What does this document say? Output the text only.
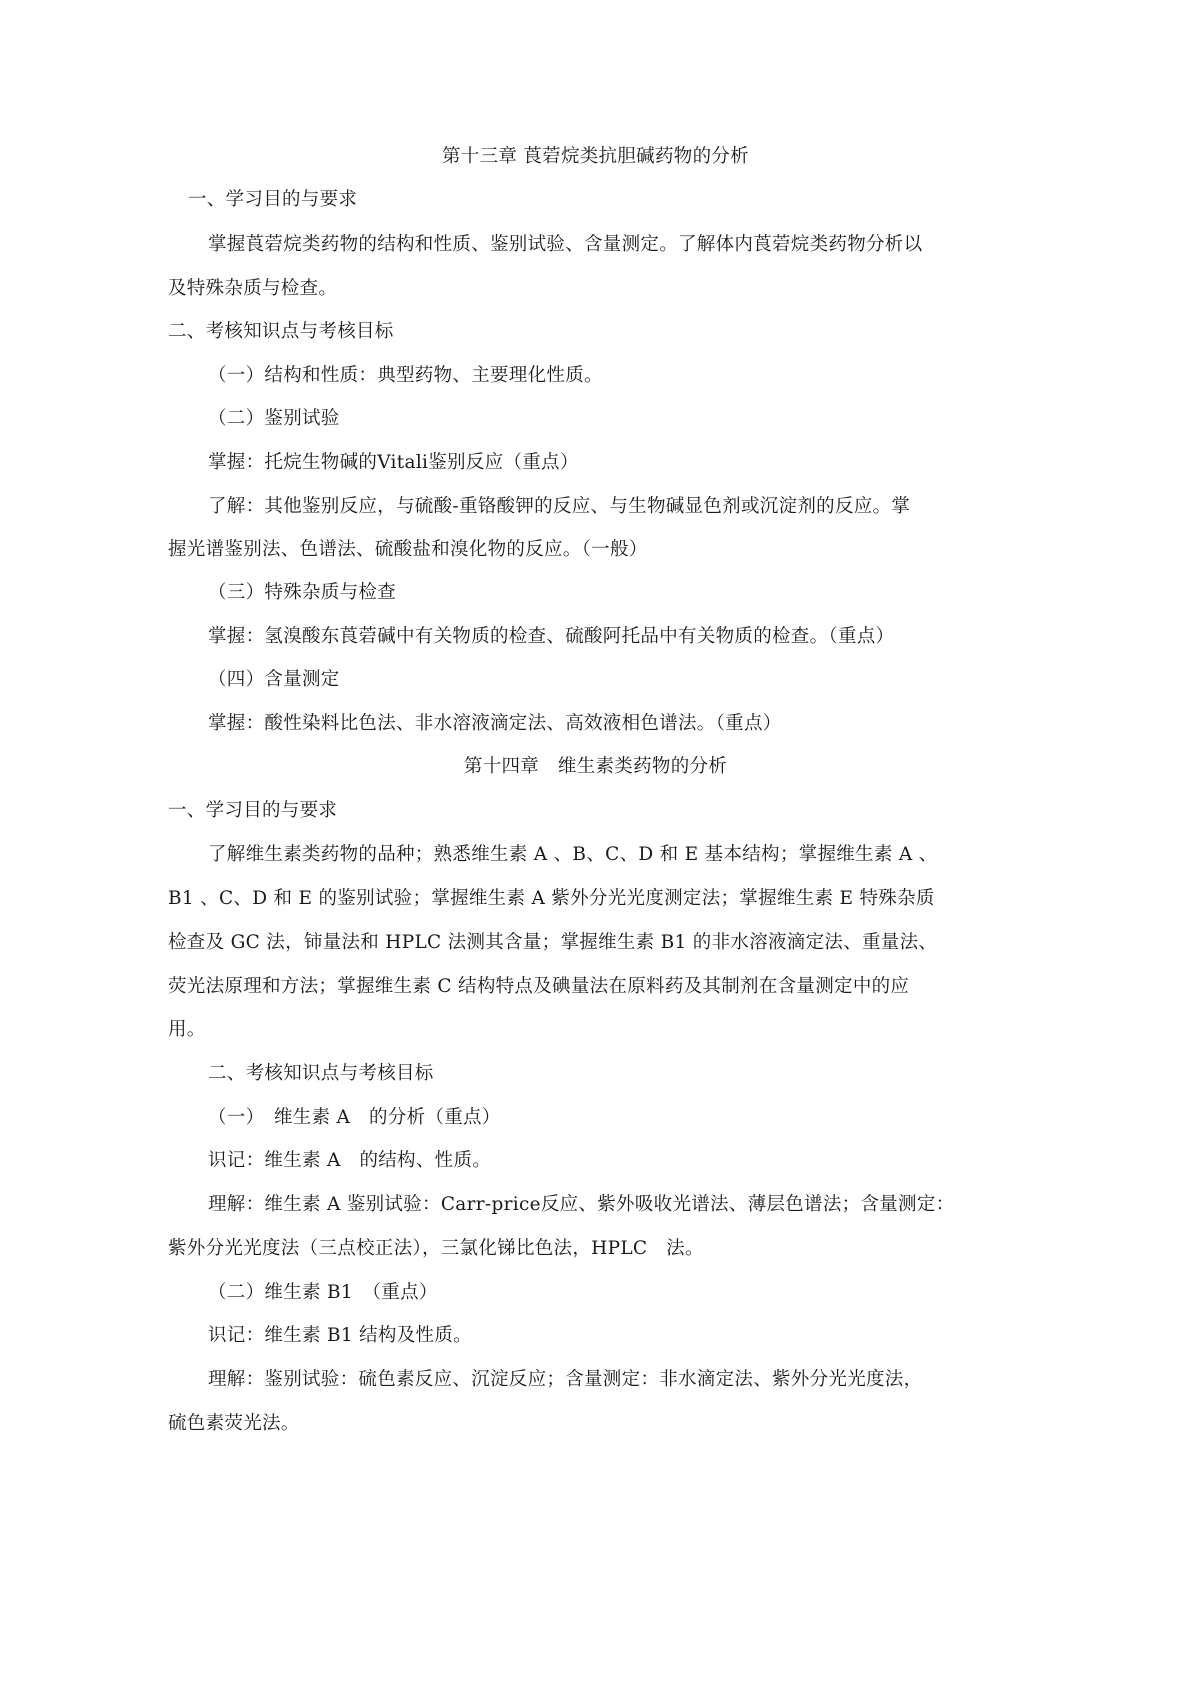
第十三章 莨菪烷类抗胆碱药物的分析
一、学习目的与要求
掌握莨菪烷类药物的结构和性质、鉴别试验、含量测定。了解体内莨菪烷类药物分析以
及特殊杂质与检查。
二、考核知识点与考核目标
（一）结构和性质：典型药物、主要理化性质。
（二）鉴别试验
掌握：托烷生物碱的Vitali鉴别反应（重点）
了解：其他鉴别反应，与硫酸-重铬酸钾的反应、与生物碱显色剂或沉淀剂的反应。掌
握光谱鉴别法、色谱法、硫酸盐和溴化物的反应。（一般）
（三）特殊杂质与检查
掌握：氢溴酸东莨菪碱中有关物质的检查、硫酸阿托品中有关物质的检查。（重点）
（四）含量测定
掌握：酸性染料比色法、非水溶液滴定法、高效液相色谱法。（重点）
第十四章　维生素类药物的分析
一、学习目的与要求
了解维生素类药物的品种；熟悉维生素 A 、B、C、D 和 E 基本结构；掌握维生素 A 、
B1 、C、D 和 E 的鉴别试验；掌握维生素 A 紫外分光光度测定法；掌握维生素 E 特殊杂质
检查及 GC 法，铈量法和 HPLC 法测其含量；掌握维生素 B1 的非水溶液滴定法、重量法、
荧光法原理和方法；掌握维生素 C 结构特点及碘量法在原料药及其制剂在含量测定中的应
用。
二、考核知识点与考核目标
（一）　维生素 A　的分析（重点）
识记：维生素 A　的结构、性质。
理解：维生素 A 鉴别试验：Carr-price反应、紫外吸收光谱法、薄层色谱法；含量测定：
紫外分光光度法（三点校正法），三氯化锑比色法，HPLC　法。
（二）维生素 B1　（重点）
识记：维生素 B1 结构及性质。
理解：鉴别试验：硫色素反应、沉淀反应；含量测定：非水滴定法、紫外分光光度法，
硫色素荧光法。
